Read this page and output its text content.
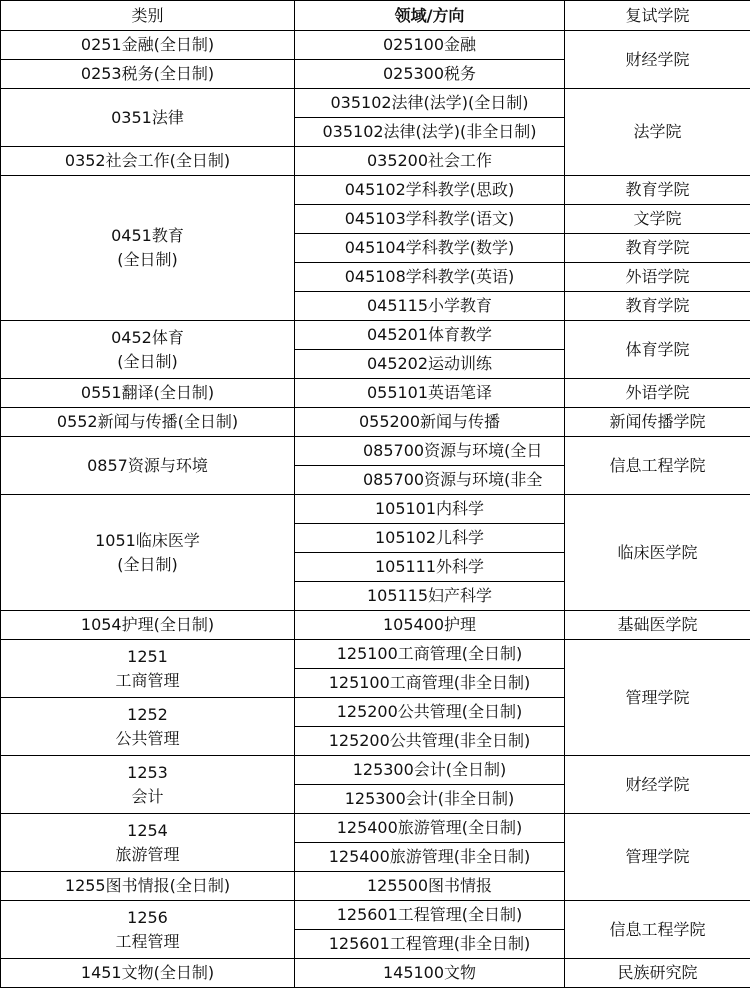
类别	领域/方向	复试学院
0251金融(全日制)	025100金融	财经学院
0253税务(全日制)	025300税务	
0351法律	035102法律(法学)(全日制)	法学院
	035102法律(法学)(非全日制)	
0352社会工作(全日制)	035200社会工作	

0451教育
(全日制)	045102学科教学(思政)	教育学院
	045103学科教学(语文)	文学院
	045104学科教学(数学)	教育学院
	045108学科教学(英语)	外语学院
	045115小学教育	教育学院

0452体育
(全日制)	045201体育教学	体育学院
	045202运动训练	
0551翻译(全日制)	055101英语笔译	外语学院
0552新闻与传播(全日制)	055200新闻与传播	新闻传播学院
0857资源与环境	085700资源与环境(全日	信息工程学院
	085700资源与环境(非全	

1051临床医学
(全日制)	105101内科学	临床医学院
	105102儿科学	
	105111外科学	
	105115妇产科学	
1054护理(全日制)	105400护理	基础医学院

1251
工商管理	125100工商管理(全日制)	管理学院
	125100工商管理(非全日制)	

1252
公共管理	125200公共管理(全日制)	
	125200公共管理(非全日制)	

1253
会计	125300会计(全日制)	财经学院
	125300会计(非全日制)	

1254
旅游管理	125400旅游管理(全日制)	管理学院
	125400旅游管理(非全日制)	
1255图书情报(全日制)	125500图书情报	

1256
工程管理	125601工程管理(全日制)	信息工程学院
	125601工程管理(非全日制)	
1451文物(全日制)	145100文物	民族研究院
